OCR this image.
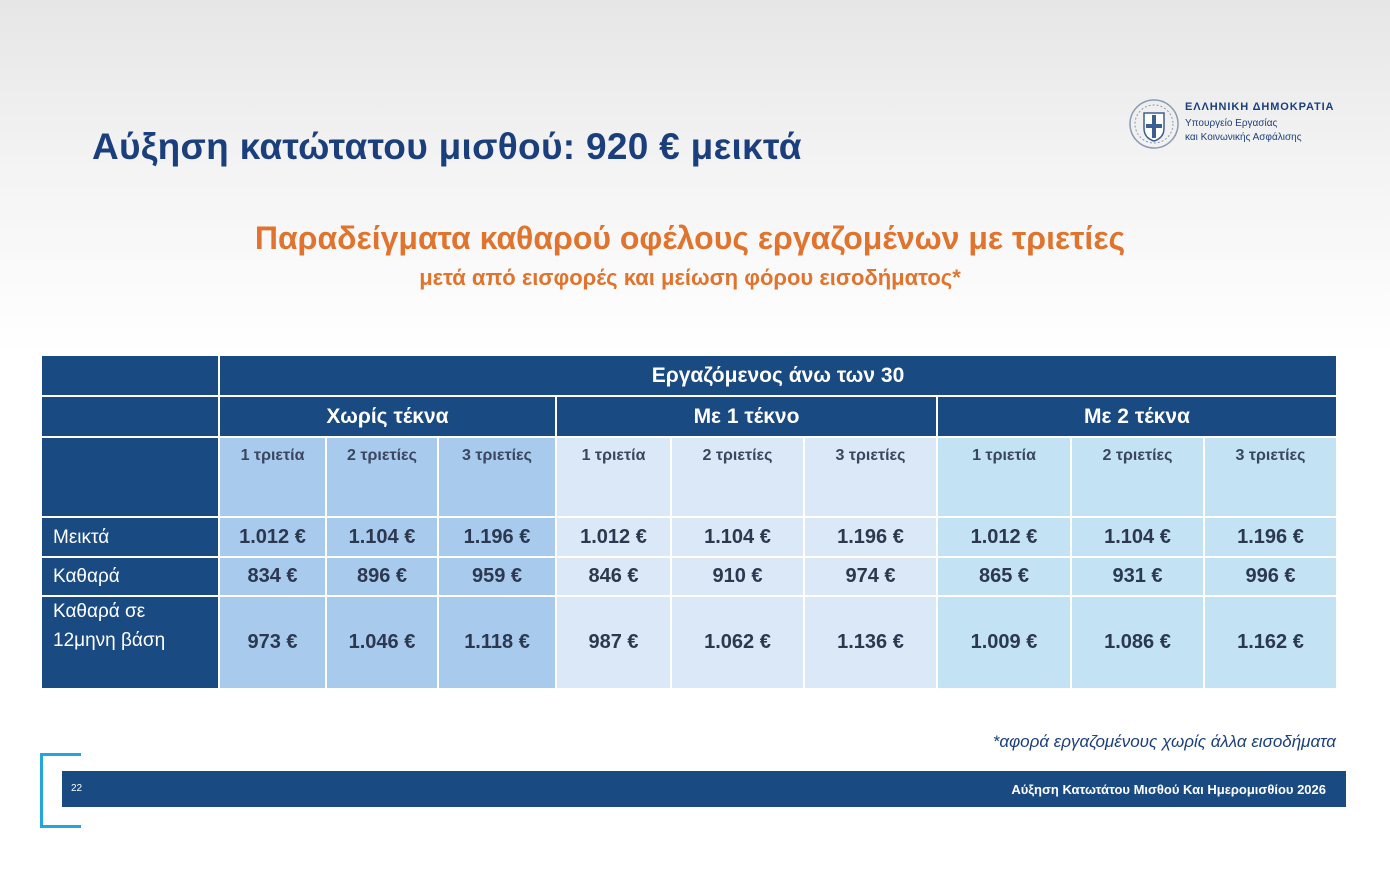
Αύξηση κατώτατου μισθού: 920 € μεικτά
ΕΛΛΗΝΙΚΗ ΔΗΜΟΚΡΑΤΙΑ
Υπουργείο Εργασίας
και Κοινωνικής Ασφάλισης
Παραδείγματα καθαρού οφέλους εργαζομένων με τριετίες
μετά από εισφορές και μείωση φόρου εισοδήματος*
Εργαζόμενος άνω των 30
Χωρίς τέκνα	Με 1 τέκνο	Με 2 τέκνα
1 τριετία	2 τριετίες	3 τριετίες	1 τριετία	2 τριετίες	3 τριετίες	1 τριετία	2 τριετίες	3 τριετίες
Μεικτά	1.012 €	1.104 €	1.196 €	1.012 €	1.104 €	1.196 €	1.012 €	1.104 €	1.196 €
Καθαρά	834 €	896 €	959 €	846 €	910 €	974 €	865 €	931 €	996 €
Καθαρά σε
12μηνη βάση	973 €	1.046 €	1.118 €	987 €	1.062 €	1.136 €	1.009 €	1.086 €	1.162 €
*αφορά εργαζομένους χωρίς άλλα εισοδήματα
22	Αύξηση Κατωτάτου Μισθού Και Ημερομισθίου 2026
